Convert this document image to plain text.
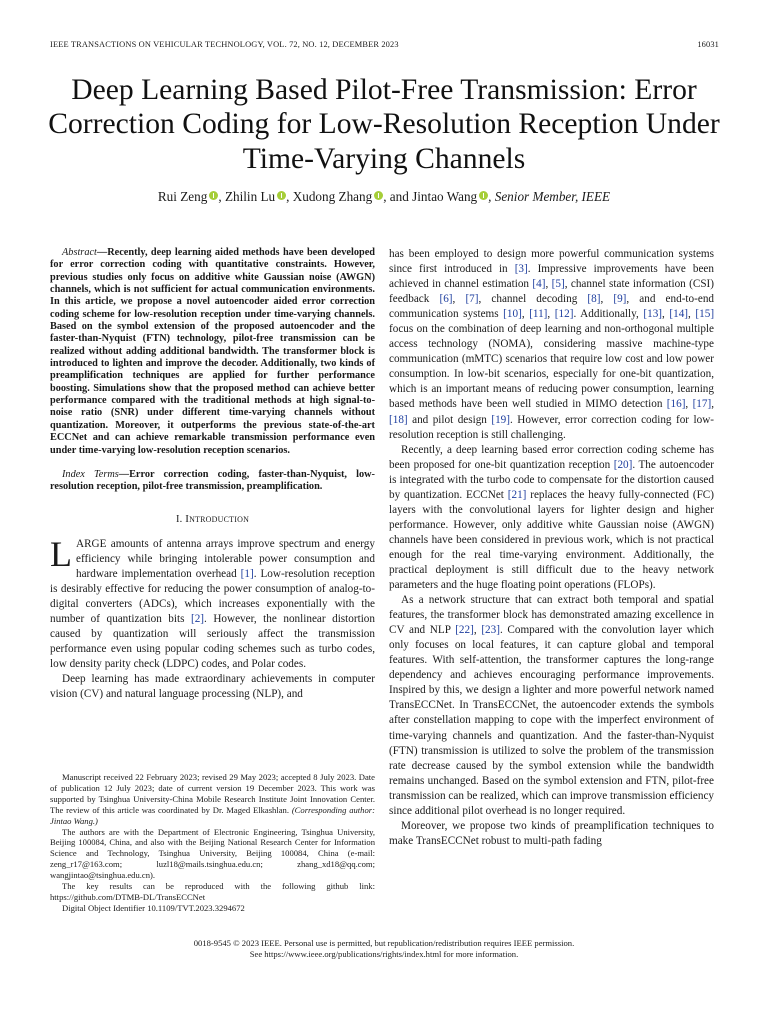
IEEE TRANSACTIONS ON VEHICULAR TECHNOLOGY, VOL. 72, NO. 12, DECEMBER 2023	16031
Deep Learning Based Pilot-Free Transmission: Error Correction Coding for Low-Resolution Reception Under Time-Varying Channels
Rui Zeng , Zhilin Lu , Xudong Zhang , and Jintao Wang , Senior Member, IEEE

Abstract—Recently, deep learning aided methods have been developed for error correction coding with quantitative constraints. However, previous studies only focus on additive white Gaussian noise (AWGN) channels, which is not sufficient for actual communication environments. In this article, we propose a novel autoencoder aided error correction coding scheme for low-resolution reception under time-varying channels. Based on the symbol extension of the proposed autoencoder and the faster-than-Nyquist (FTN) technology, pilot-free transmission can be realized without adding additional bandwidth. The transformer block is introduced to lighten and improve the decoder. Additionally, two kinds of preamplification techniques are applied for further performance boosting. Simulations show that the proposed method can achieve better performance compared with the traditional methods at high signal-to-noise ratio (SNR) under different time-varying channels without quantization. Moreover, it outperforms the previous state-of-the-art ECCNet and can achieve remarkable transmission performance even under time-varying low-resolution reception scenarios.

Index Terms—Error correction coding, faster-than-Nyquist, low-resolution reception, pilot-free transmission, preamplification.

I. Introduction

LARGE amounts of antenna arrays improve spectrum and energy efficiency while bringing intolerable power consumption and hardware implementation overhead [1]. Low-resolution reception is desirably effective for reducing the power consumption of analog-to-digital converters (ADCs), which increases exponentially with the number of quantization bits [2]. However, the nonlinear distortion caused by quantization will seriously affect the transmission performance even using popular coding schemes such as turbo codes, low density parity check (LDPC) codes, and Polar codes.

Deep learning has made extraordinary achievements in computer vision (CV) and natural language processing (NLP), and

Manuscript received 22 February 2023; revised 29 May 2023; accepted 8 July 2023. Date of publication 12 July 2023; date of current version 19 December 2023. This work was supported by Tsinghua University-China Mobile Research Institute Joint Innovation Center. The review of this article was coordinated by Dr. Maged Elkashlan. (Corresponding author: Jintao Wang.)

The authors are with the Department of Electronic Engineering, Tsinghua University, Beijing 100084, China, and also with the Beijing National Research Center for Information Science and Technology, Tsinghua University, Beijing 100084, China (e-mail: zeng_r17@163.com; luzl18@mails.tsinghua.edu.cn; zhang_xd18@qq.com; wangjintao@tsinghua.edu.cn).

The key results can be reproduced with the following github link: https://github.com/DTMB-DL/TransECCNet

Digital Object Identifier 10.1109/TVT.2023.3294672

has been employed to design more powerful communication systems since first introduced in [3]. Impressive improvements have been achieved in channel estimation [4], [5], channel state information (CSI) feedback [6], [7], channel decoding [8], [9], and end-to-end communication systems [10], [11], [12]. Additionally, [13], [14], [15] focus on the combination of deep learning and non-orthogonal multiple access technology (NOMA), considering massive machine-type communication (mMTC) scenarios that require low cost and low power consumption. In low-bit scenarios, especially for one-bit quantization, which is an important means of reducing power consumption, learning based methods have been well studied in MIMO detection [16], [17], [18] and pilot design [19]. However, error correction coding for low-resolution reception is still challenging.

Recently, a deep learning based error correction coding scheme has been proposed for one-bit quantization reception [20]. The autoencoder is integrated with the turbo code to compensate for the distortion caused by quantization. ECCNet [21] replaces the heavy fully-connected (FC) layers with the convolutional layers for lighter design and higher performance. However, only additive white Gaussian noise (AWGN) channels have been considered in previous work, which is not practical enough for the real time-varying environment. Additionally, the practical deployment is still difficult due to the heavy network parameters and the huge floating point operations (FLOPs).

As a network structure that can extract both temporal and spatial features, the transformer block has demonstrated amazing excellence in CV and NLP [22], [23]. Compared with the convolution layer which only focuses on local features, it can capture global and temporal features. With self-attention, the transformer captures the long-range dependency and achieves encouraging performance improvements. Inspired by this, we design a lighter and more powerful network named TransECCNet. In TransECCNet, the autoencoder extends the symbols after constellation mapping to cope with the imperfect environment of time-varying channels and quantization. And the faster-than-Nyquist (FTN) transmission is utilized to solve the problem of the transmission rate decrease caused by the symbol extension while the bandwidth remains unchanged. Based on the symbol extension and FTN, pilot-free transmission can be realized, which can improve transmission efficiency since additional pilot overhead is no longer required.

Moreover, we propose two kinds of preamplification techniques to make TransECCNet robust to multi-path fading

0018-9545 © 2023 IEEE. Personal use is permitted, but republication/redistribution requires IEEE permission.
See https://www.ieee.org/publications/rights/index.html for more information.
